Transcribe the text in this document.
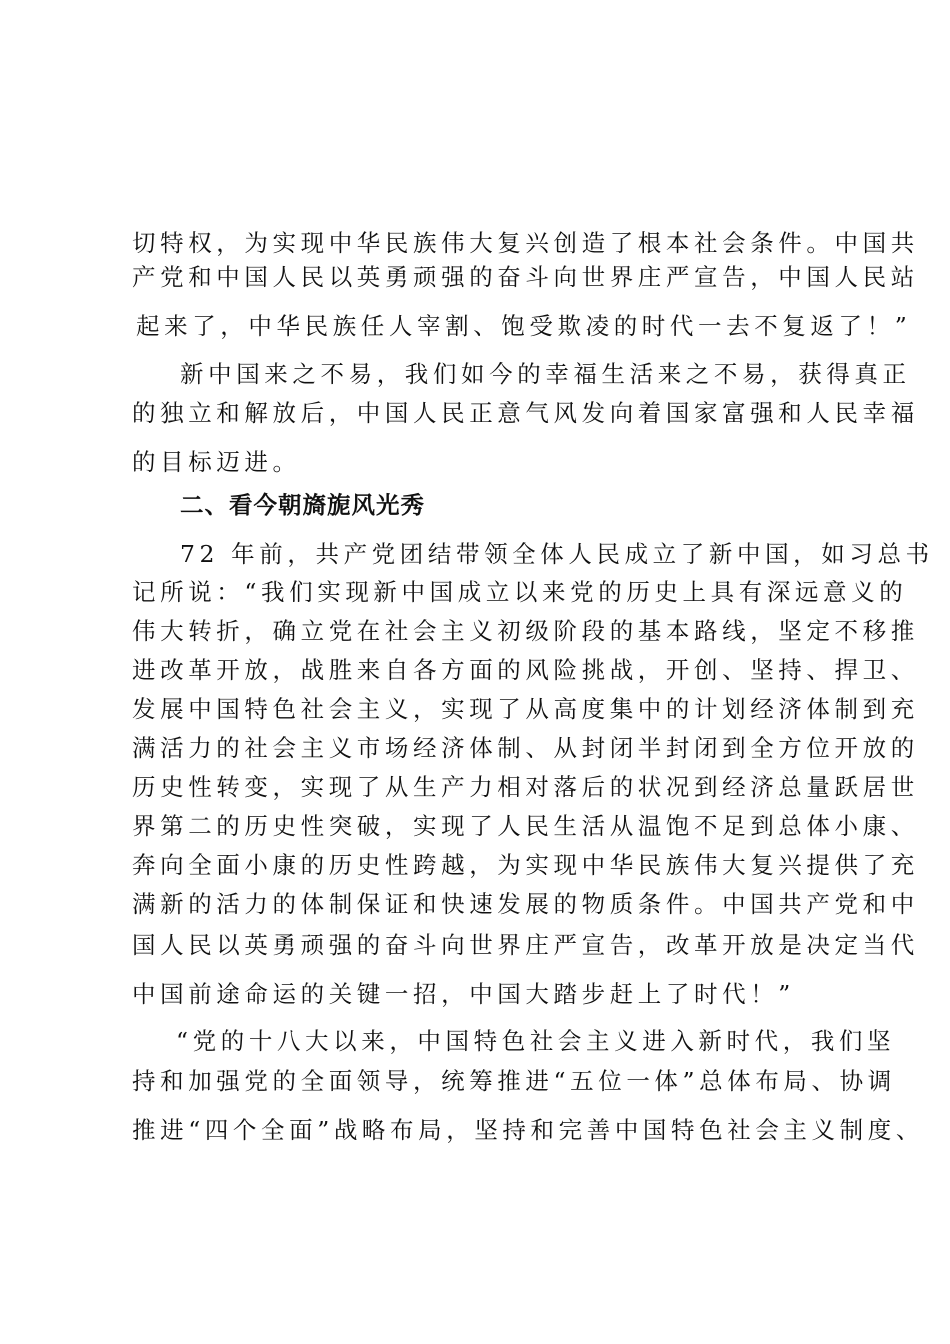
切特权，为实现中华民族伟大复兴创造了根本社会条件。中国共
产党和中国人民以英勇顽强的奋斗向世界庄严宣告，中国人民站
起来了，中华民族任人宰割、饱受欺凌的时代一去不复返了！”
新中国来之不易，我们如今的幸福生活来之不易，获得真正
的独立和解放后，中国人民正意气风发向着国家富强和人民幸福
的目标迈进。
二、看今朝旖旎风光秀
72 年前，共产党团结带领全体人民成立了新中国，如习总书
记所说：“我们实现新中国成立以来党的历史上具有深远意义的
伟大转折，确立党在社会主义初级阶段的基本路线，坚定不移推
进改革开放，战胜来自各方面的风险挑战，开创、坚持、捍卫、
发展中国特色社会主义，实现了从高度集中的计划经济体制到充
满活力的社会主义市场经济体制、从封闭半封闭到全方位开放的
历史性转变，实现了从生产力相对落后的状况到经济总量跃居世
界第二的历史性突破，实现了人民生活从温饱不足到总体小康、
奔向全面小康的历史性跨越，为实现中华民族伟大复兴提供了充
满新的活力的体制保证和快速发展的物质条件。中国共产党和中
国人民以英勇顽强的奋斗向世界庄严宣告，改革开放是决定当代
中国前途命运的关键一招，中国大踏步赶上了时代！”
“党的十八大以来，中国特色社会主义进入新时代，我们坚
持和加强党的全面领导，统筹推进“五位一体”总体布局、协调
推进“四个全面”战略布局，坚持和完善中国特色社会主义制度、
